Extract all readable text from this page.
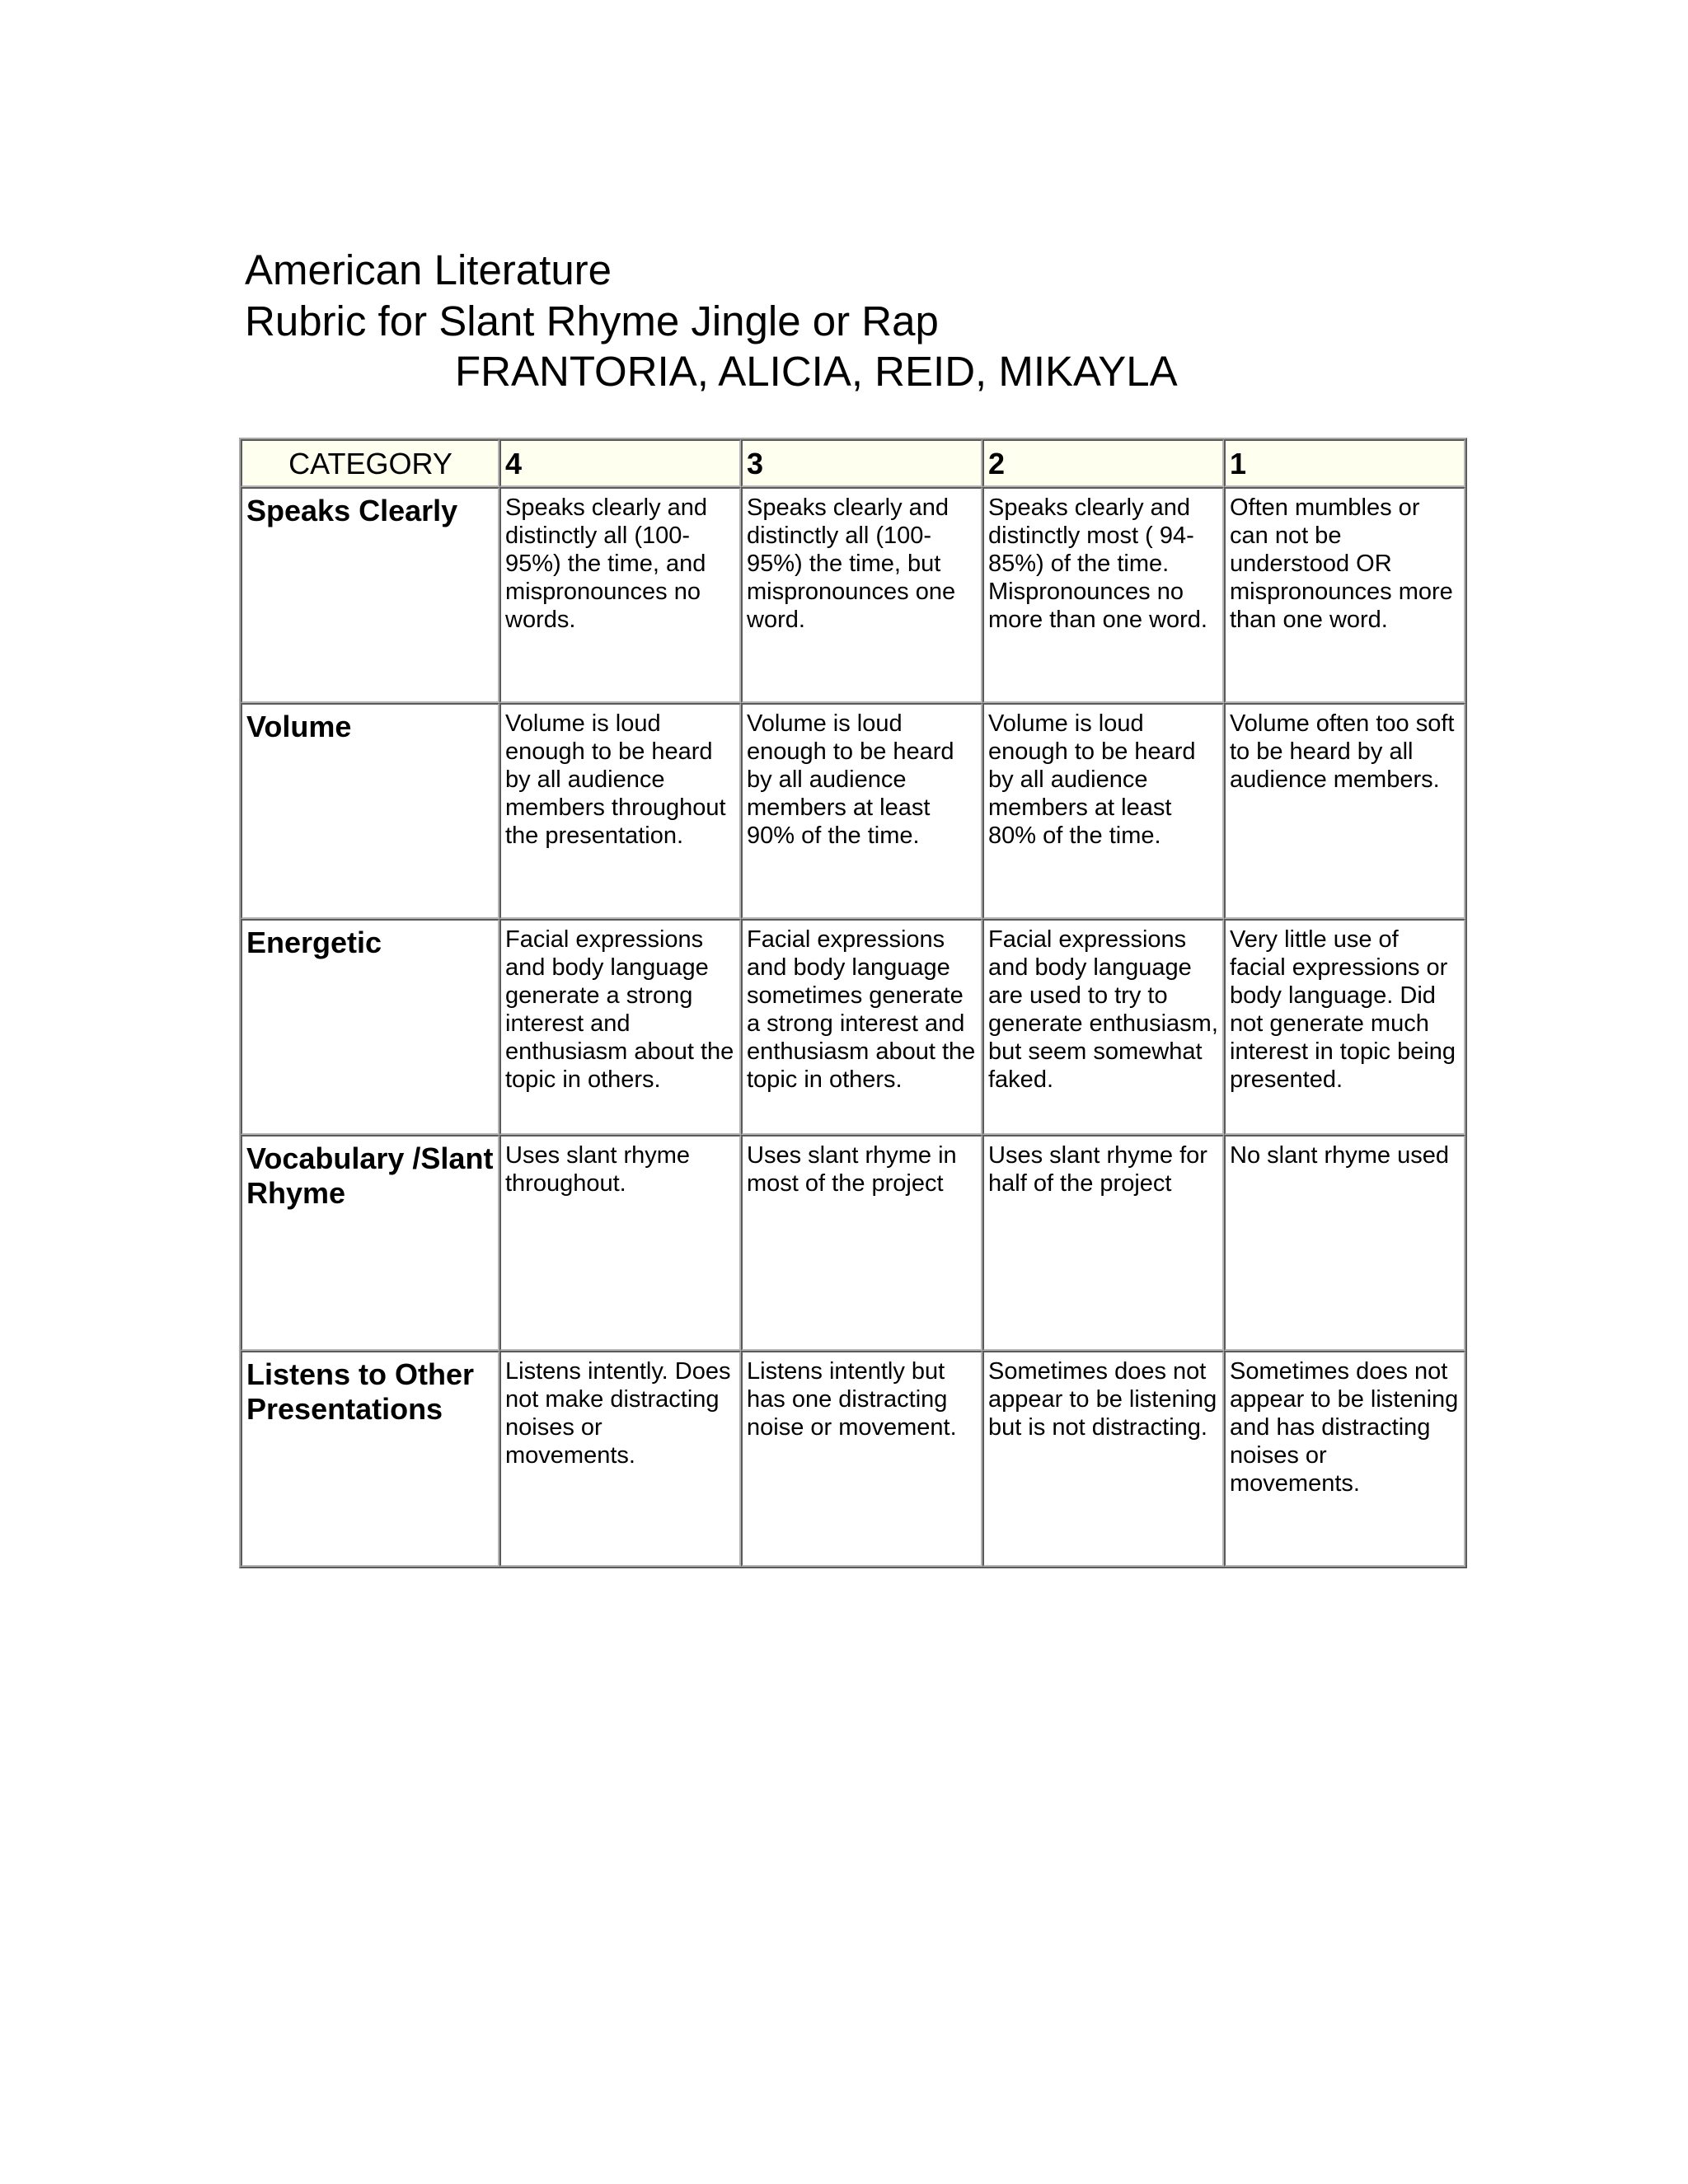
American Literature
Rubric for Slant Rhyme Jingle or Rap
FRANTORIA, ALICIA, REID, MIKAYLA
CATEGORY	4	3	2	1
Speaks Clearly	Speaks clearly and distinctly all (100-95%) the time, and mispronounces no words.	Speaks clearly and distinctly all (100-95%) the time, but mispronounces one word.	Speaks clearly and distinctly most ( 94-85%) of the time. Mispronounces no more than one word.	Often mumbles or can not be understood OR mispronounces more than one word.
Volume	Volume is loud enough to be heard by all audience members throughout the presentation.	Volume is loud enough to be heard by all audience members at least 90% of the time.	Volume is loud enough to be heard by all audience members at least 80% of the time.	Volume often too soft to be heard by all audience members.
Energetic	Facial expressions and body language generate a strong interest and enthusiasm about the topic in others.	Facial expressions and body language sometimes generate a strong interest and enthusiasm about the topic in others.	Facial expressions and body language are used to try to generate enthusiasm, but seem somewhat faked.	Very little use of facial expressions or body language. Did not generate much interest in topic being presented.
Vocabulary /Slant Rhyme	Uses slant rhyme throughout.	Uses slant rhyme in most of the project	Uses slant rhyme for half of the project	No slant rhyme used
Listens to Other Presentations	Listens intently. Does not make distracting noises or movements.	Listens intently but has one distracting noise or movement.	Sometimes does not appear to be listening but is not distracting.	Sometimes does not appear to be listening and has distracting noises or movements.
